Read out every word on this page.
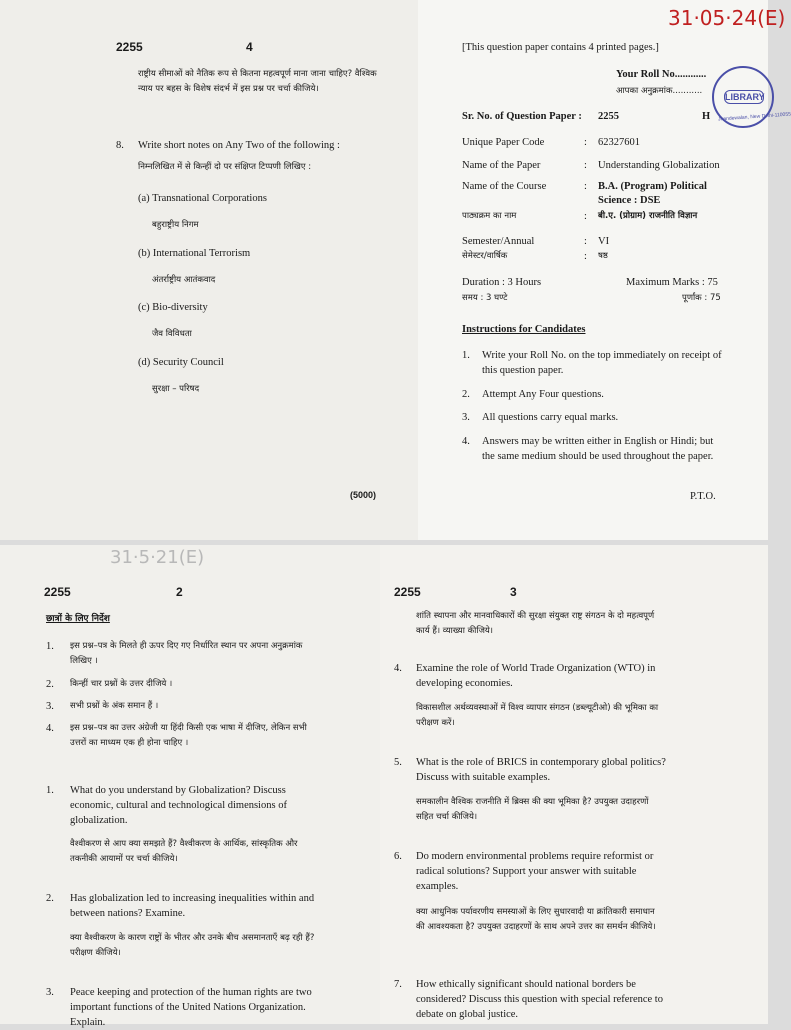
2255	4
राष्ट्रीय सीमाओं को नैतिक रूप से कितना महत्वपूर्ण माना जाना चाहिए? वैश्विक न्याय पर बहस के विशेष संदर्भ में इस प्रश्न पर चर्चा कीजिये।
8. Write short notes on Any Two of the following :
निम्नलिखित में से किन्हीं दो पर संक्षिप्त टिप्पणी लिखिए :
(a) Transnational Corporations
बहुराष्ट्रीय निगम
(b) International Terrorism
अंतर्राष्ट्रीय आतंकवाद
(c) Bio-diversity
जैव विविधता
(d) Security Council
सुरक्षा – परिषद
(5000)
31·05·24(E)
[This question paper contains 4 printed pages.]
Your Roll No............
आपका अनुक्रमांक...........
LIBRARY
Jhandewalan, New Delhi-110055
Sr. No. of Question Paper : 2255	H
Unique Paper Code	: 62327601
Name of the Paper	: Understanding Globalization
Name of the Course	: B.A. (Program) Political
Science : DSE
पाठ्यक्रम का नाम	: बी.ए. (प्रोग्राम) राजनीति विज्ञान
Semester/Annual	: VI
सेमेस्टर/वार्षिक	: षष्ठ
Duration : 3 Hours	Maximum Marks : 75
समय : 3 घण्टे	पूर्णांक : 75
Instructions for Candidates
1. Write your Roll No. on the top immediately on receipt of this question paper.
2. Attempt Any Four questions.
3. All questions carry equal marks.
4. Answers may be written either in English or Hindi; but the same medium should be used throughout the paper.
P.T.O.
31·5·21(E)
2255	2
छात्रों के लिए निर्देश
1. इस प्रश्न–पत्र के मिलते ही ऊपर दिए गए निर्धारित स्थान पर अपना अनुक्रमांक लिखिए ।
2. किन्हीं चार प्रश्नों के उत्तर दीजिये ।
3. सभी प्रश्नों के अंक समान हैं ।
4. इस प्रश्न–पत्र का उत्तर अंग्रेजी या हिंदी किसी एक भाषा में दीजिए, लेकिन सभी उत्तरों का माध्यम एक ही होना चाहिए ।
1. What do you understand by Globalization? Discuss economic, cultural and technological dimensions of globalization.
वैश्वीकरण से आप क्या समझते हैं? वैश्वीकरण के आर्थिक, सांस्कृतिक और तकनीकी आयामों पर चर्चा कीजिये।
2. Has globalization led to increasing inequalities within and between nations? Examine.
क्या वैश्वीकरण के कारण राष्ट्रों के भीतर और उनके बीच असमानताएँ बढ़ रही हैं? परीक्षण कीजिये।
3. Peace keeping and protection of the human rights are two important functions of the United Nations Organization. Explain.
2255	3
शांति स्थापना और मानवाधिकारों की सुरक्षा संयुक्त राष्ट्र संगठन के दो महत्वपूर्ण कार्य हैं। व्याख्या कीजिये।
4. Examine the role of World Trade Organization (WTO) in developing economies.
विकासशील अर्थव्यवस्थाओं में विश्व व्यापार संगठन (डब्ल्यूटीओ) की भूमिका का परीक्षण करें।
5. What is the role of BRICS in contemporary global politics? Discuss with suitable examples.
समकालीन वैश्विक राजनीति में ब्रिक्स की क्या भूमिका है? उपयुक्त उदाहरणों सहित चर्चा कीजिये।
6. Do modern environmental problems require reformist or radical solutions? Support your answer with suitable examples.
क्या आधुनिक पर्यावरणीय समस्याओं के लिए सुधारवादी या क्रांतिकारी समाधान की आवश्यकता है? उपयुक्त उदाहरणों के साथ अपने उत्तर का समर्थन कीजिये।
7. How ethically significant should national borders be considered? Discuss this question with special reference to debate on global justice.
